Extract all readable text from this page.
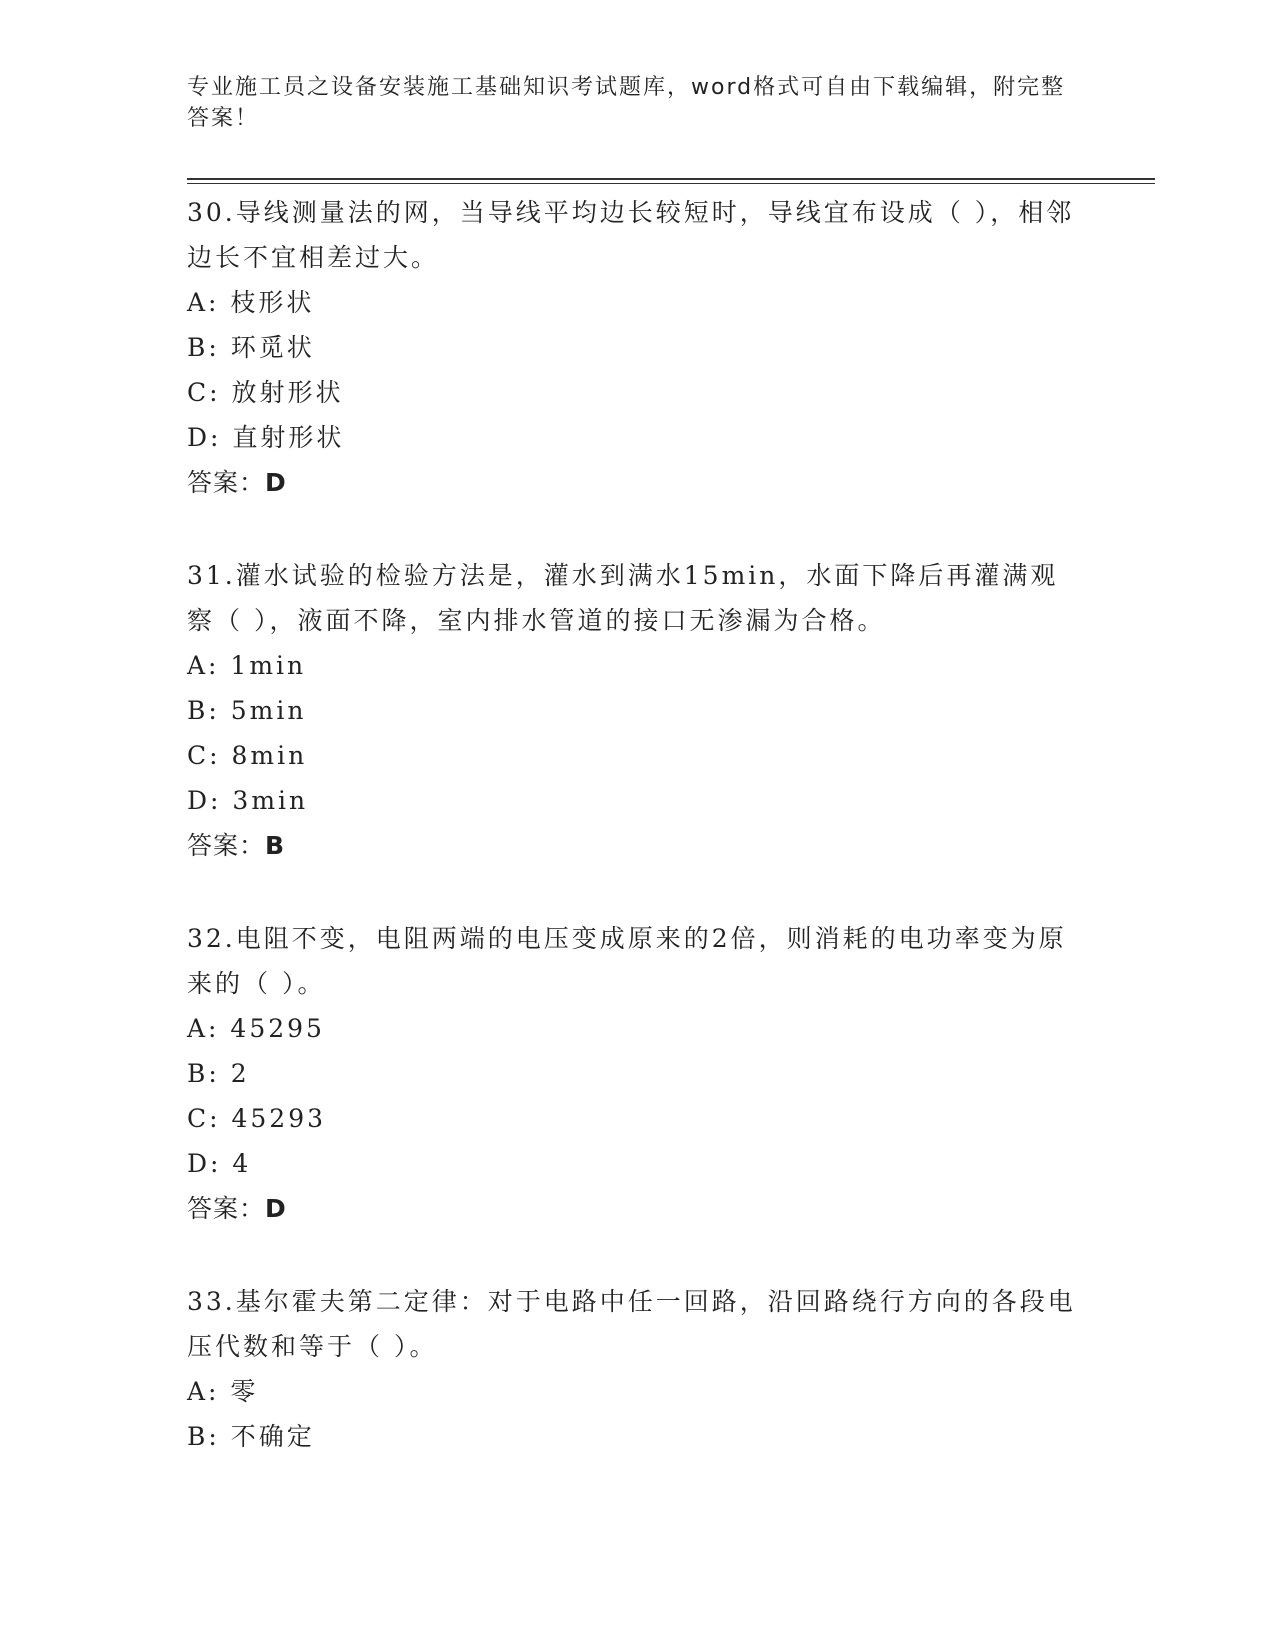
专业施工员之设备安装施工基础知识考试题库，word格式可自由下载编辑，附完整答案！

30.导线测量法的网，当导线平均边长较短时，导线宜布设成（ ），相邻边长不宜相差过大。

A: 枝形状

B: 环觅状

C: 放射形状

D: 直射形状

答案：D

31.灌水试验的检验方法是，灌水到满水15min，水面下降后再灌满观察（ ），液面不降，室内排水管道的接口无渗漏为合格。

A: 1min

B: 5min

C: 8min

D: 3min

答案：B

32.电阻不变，电阻两端的电压变成原来的2倍，则消耗的电功率变为原来的（ ）。

A: 45295

B: 2

C: 45293

D: 4

答案：D

33.基尔霍夫第二定律：对于电路中任一回路，沿回路绕行方向的各段电压代数和等于（ ）。

A: 零

B: 不确定
